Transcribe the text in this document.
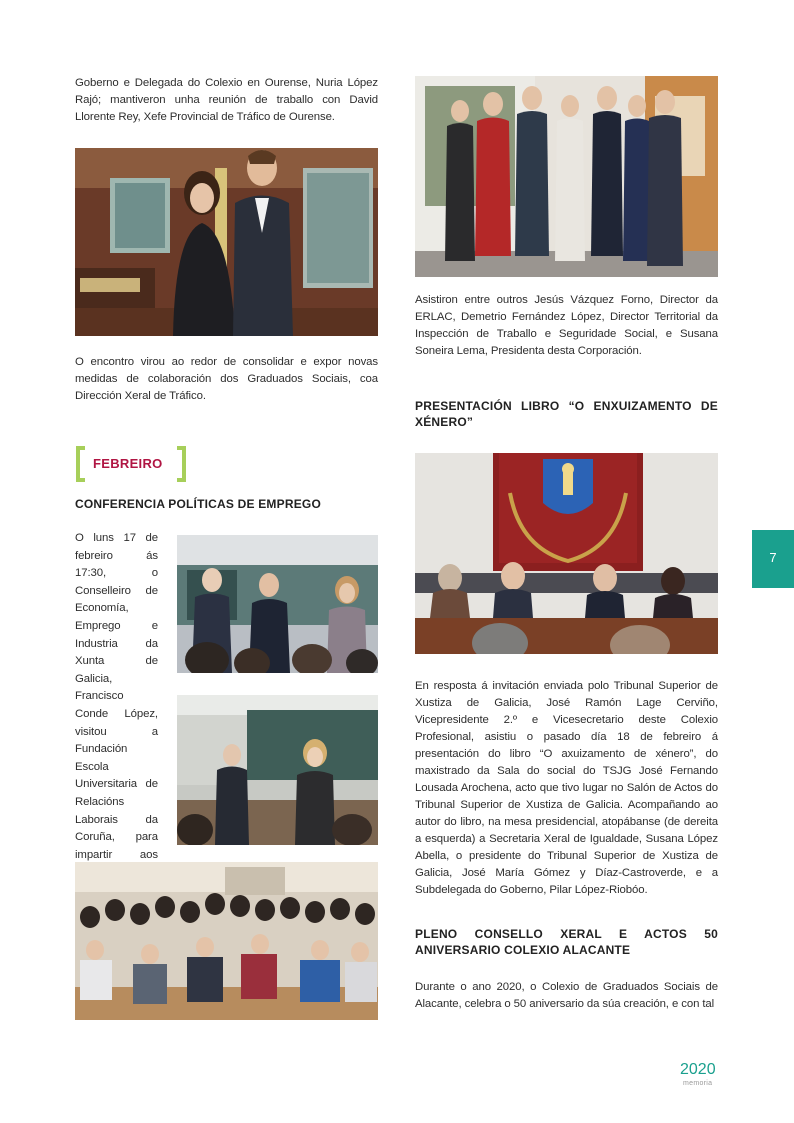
Goberno e Delegada do Colexio en Ourense, Nuria López Rajó; mantiveron unha reunión de traballo con David Llorente Rey, Xefe Provincial de Tráfico de Ourense.
O encontro virou ao redor de consolidar e expor novas medidas de colaboración dos Graduados Sociais, coa Dirección Xeral de Tráfico.
FEBREIRO
CONFERENCIA POLÍTICAS DE EMPREGO
O luns 17 de febreiro ás 17:30, o Conselleiro de Economía, Emprego e Industria da Xunta de Galicia, Francisco Conde López, visitou a Fundación Escola Universitaria de Relacións Laborais da Coruña, para impartir aos
Asistiron entre outros Jesús Vázquez Forno, Director da ERLAC, Demetrio Fernández López, Director Territorial da Inspección de Traballo e Seguridade Social, e Susana Soneira Lema, Presidenta desta Corporación.
PRESENTACIÓN LIBRO “O ENXUIZAMENTO DE XÉNERO”
En resposta á invitación enviada polo Tribunal Superior de Xustiza de Galicia, José Ramón Lage Cerviño, Vicepresidente 2.º e Vicesecretario deste Colexio Profesional, asistiu o pasado día 18 de febreiro á presentación do libro “O axuizamento de xénero”, do maxistrado da Sala do social do TSJG José Fernando Lousada Arochena, acto que tivo lugar no Salón de Actos do Tribunal Superior de Xustiza de Galicia. Acompañando ao autor do libro, na mesa presidencial, atopábanse (de dereita a esquerda) a Secretaria Xeral de Igualdade, Susana López Abella, o presidente do Tribunal Superior de Xustiza de Galicia, José María Gómez y Díaz-Castroverde, e a Subdelegada do Goberno, Pilar López-Riobóo.
PLENO CONSELLO XERAL E ACTOS 50 ANIVERSARIO COLEXIO ALACANTE
Durante o ano 2020, o Colexio de Graduados Sociais de Alacante, celebra o 50 aniversario da súa creación, e con tal
7
2020
memoria
